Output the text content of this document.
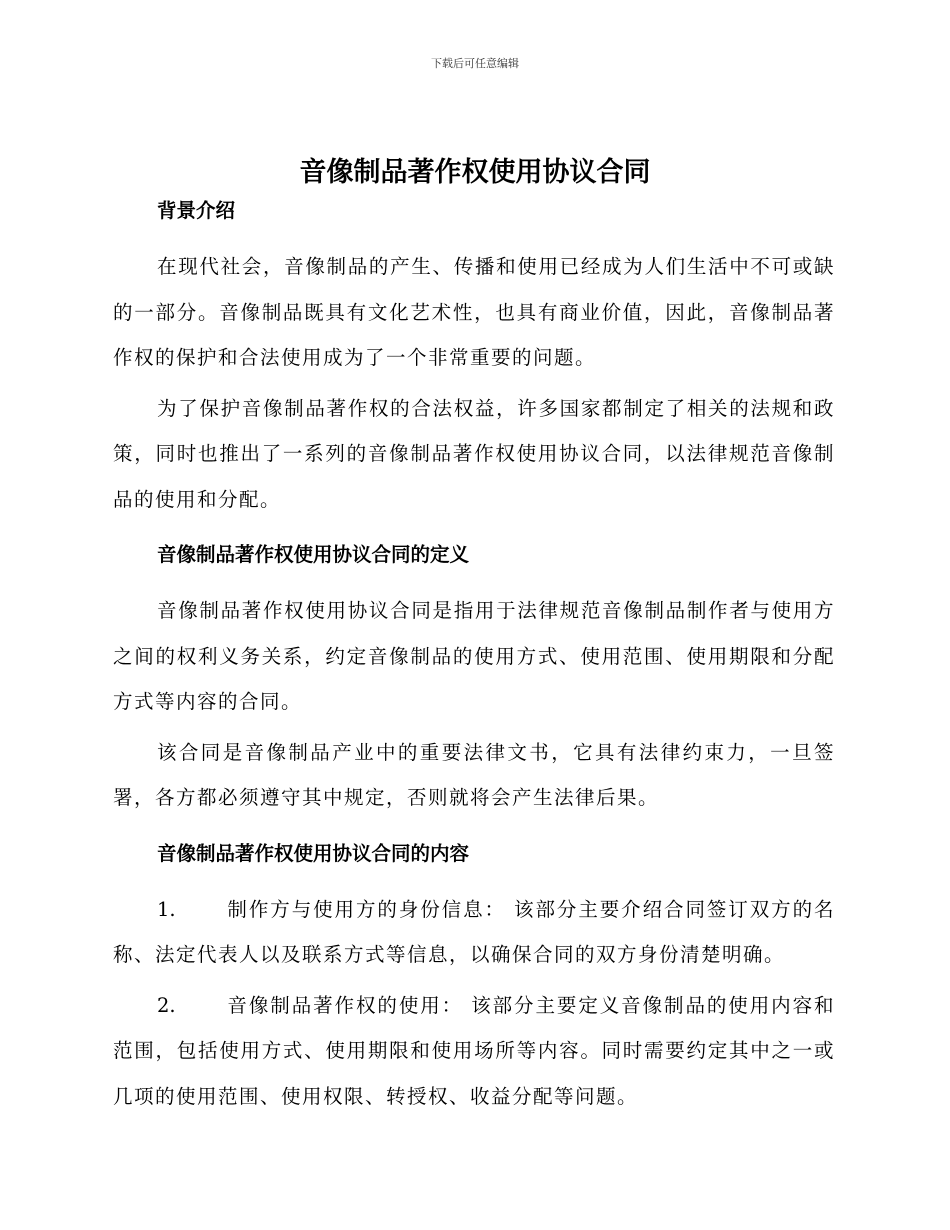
下载后可任意编辑
音像制品著作权使用协议合同
背景介绍

在现代社会，音像制品的产生、传播和使用已经成为人们生活中不可或缺的一部分。音像制品既具有文化艺术性，也具有商业价值，因此，音像制品著作权的保护和合法使用成为了一个非常重要的问题。

为了保护音像制品著作权的合法权益，许多国家都制定了相关的法规和政策，同时也推出了一系列的音像制品著作权使用协议合同，以法律规范音像制品的使用和分配。

音像制品著作权使用协议合同的定义

音像制品著作权使用协议合同是指用于法律规范音像制品制作者与使用方之间的权利义务关系，约定音像制品的使用方式、使用范围、使用期限和分配方式等内容的合同。

该合同是音像制品产业中的重要法律文书，它具有法律约束力，一旦签署，各方都必须遵守其中规定，否则就将会产生法律后果。

音像制品著作权使用协议合同的内容

1.	制作方与使用方的身份信息： 该部分主要介绍合同签订双方的名称、法定代表人以及联系方式等信息，以确保合同的双方身份清楚明确。

2.	音像制品著作权的使用： 该部分主要定义音像制品的使用内容和范围，包括使用方式、使用期限和使用场所等内容。同时需要约定其中之一或几项的使用范围、使用权限、转授权、收益分配等问题。
